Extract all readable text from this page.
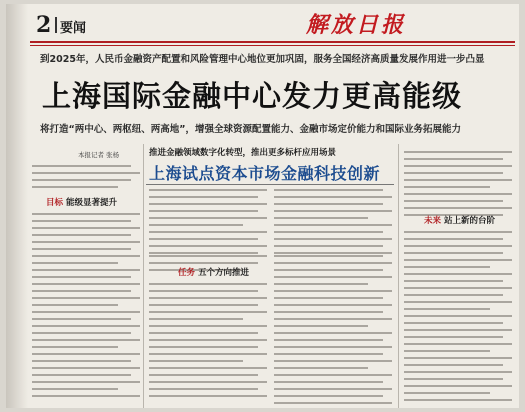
2 要闻	解放日报
到2025年，人民币金融资产配置和风险管理中心地位更加巩固，服务全国经济高质量发展作用进一步凸显
上海国际金融中心发力更高能级
将打造“两中心、两枢纽、两高地”，增强全球资源配置能力、金融市场定价能力和国际业务拓展能力
本报记者 张杨
目标 能级显著提升
推进金融领域数字化转型，推出更多标杆应用场景
上海试点资本市场金融科技创新
任务 五个方向推进
未来 站上新的台阶
